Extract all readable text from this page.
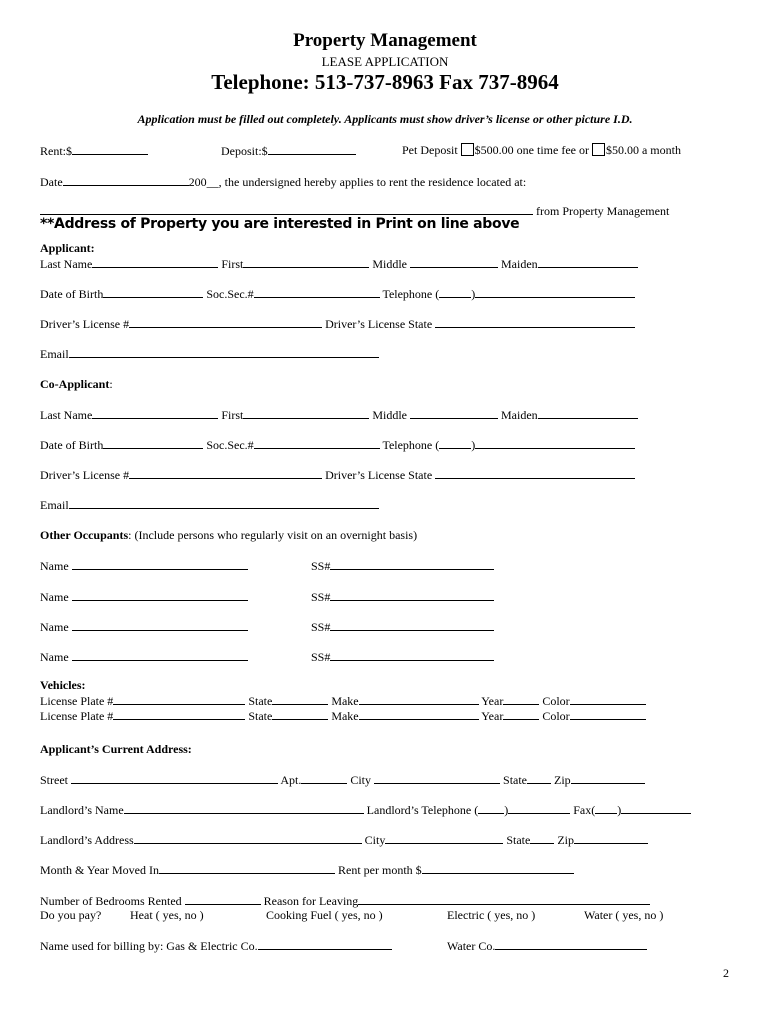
Property Management
LEASE APPLICATION
Telephone: 513-737-8963 Fax 737-8964
Application must be filled out completely. Applicants must show driver’s license or other picture I.D.
Rent:$	Deposit:$	Pet Deposit $500.00 one time fee or $50.00 a month
Date	200__, the undersigned hereby applies to rent the residence located at:
from Property Management
**Address of Property you are interested in Print on line above
Applicant:
Last Name	First	Middle	Maiden
Date of Birth	Soc.Sec.#	Telephone (	)
Driver’s License #	Driver’s License State
Email
Co-Applicant:
Last Name	First	Middle	Maiden
Date of Birth	Soc.Sec.#	Telephone (	)
Driver’s License #	Driver’s License State
Email
Other Occupants: (Include persons who regularly visit on an overnight basis)
Name	SS#
Name	SS#
Name	SS#
Name	SS#
Vehicles:
License Plate #	State	Make	Year	Color
License Plate #	State	Make	Year	Color
Applicant’s Current Address:
Street	Apt.	City	State Zip
Landlord’s Name	Landlord’s Telephone ( )	Fax( )
Landlord’s Address	City	State Zip
Month & Year Moved In	Rent per month $
Number of Bedrooms Rented	Reason for Leaving
Do you pay? Heat ( yes, no )	Cooking Fuel ( yes, no )	Electric ( yes, no )	Water ( yes, no )
Name used for billing by: Gas & Electric Co.	Water Co.
2
